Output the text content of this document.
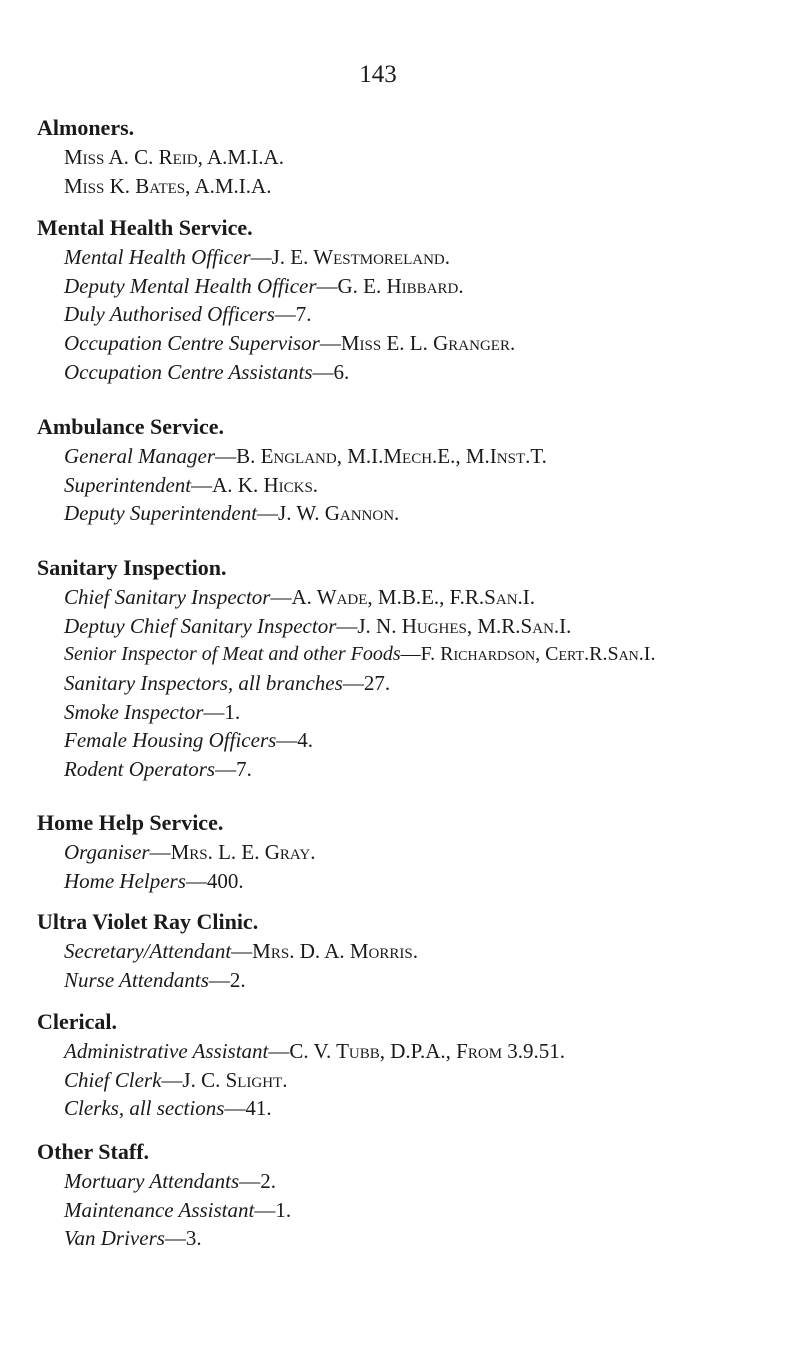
143
Almoners.
Miss A. C. Reid, A.M.I.A.
Miss K. Bates, A.M.I.A.
Mental Health Service.
Mental Health Officer—J. E. Westmoreland.
Deputy Mental Health Officer—G. E. Hibbard.
Duly Authorised Officers—7.
Occupation Centre Supervisor—Miss E. L. Granger.
Occupation Centre Assistants—6.
Ambulance Service.
General Manager—B. England, M.I.Mech.E., M.Inst.T.
Superintendent—A. K. Hicks.
Deputy Superintendent—J. W. Gannon.
Sanitary Inspection.
Chief Sanitary Inspector—A. Wade, M.B.E., F.R.San.I.
Deptuy Chief Sanitary Inspector—J. N. Hughes, M.R.San.I.
Senior Inspector of Meat and other Foods—F. Richardson, Cert.R.San.I.
Sanitary Inspectors, all branches—27.
Smoke Inspector—1.
Female Housing Officers—4.
Rodent Operators—7.
Home Help Service.
Organiser—Mrs. L. E. Gray.
Home Helpers—400.
Ultra Violet Ray Clinic.
Secretary/Attendant—Mrs. D. A. Morris.
Nurse Attendants—2.
Clerical.
Administrative Assistant—C. V. Tubb, D.P.A., From 3.9.51.
Chief Clerk—J. C. Slight.
Clerks, all sections—41.
Other Staff.
Mortuary Attendants—2.
Maintenance Assistant—1.
Van Drivers—3.
